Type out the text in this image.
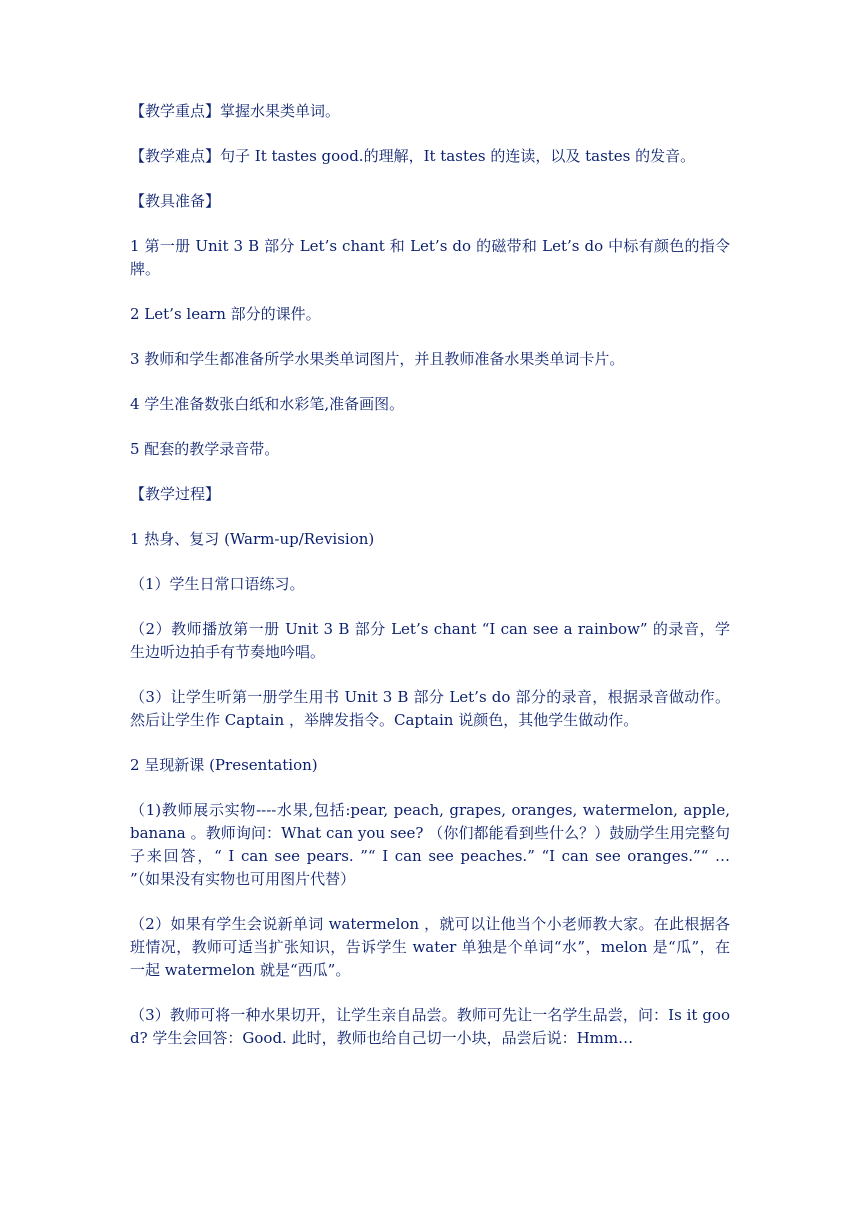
【教学重点】掌握水果类单词。

【教学难点】句子 It tastes good.的理解，It tastes 的连读，以及 tastes 的发音。

【教具准备】

1 第一册 Unit 3 B 部分 Let’s chant 和 Let’s do 的磁带和 Let’s do 中标有颜色的指令牌。

2 Let’s learn 部分的课件。

3 教师和学生都准备所学水果类单词图片，并且教师准备水果类单词卡片。

4 学生准备数张白纸和水彩笔,准备画图。

5 配套的教学录音带。

【教学过程】

1 热身、复习 (Warm-up/Revision)

（1）学生日常口语练习。

（2）教师播放第一册 Unit 3 B 部分 Let’s chant “I can see a rainbow” 的录音，学生边听边拍手有节奏地吟唱。

（3）让学生听第一册学生用书 Unit 3 B 部分 Let’s do 部分的录音，根据录音做动作。然后让学生作 Captain ，举牌发指令。Captain 说颜色，其他学生做动作。

2 呈现新课 (Presentation)

（1)教师展示实物----水果,包括:pear, peach, grapes, oranges, watermelon, apple, banana 。教师询问：What can you see? （你们都能看到些什么？）鼓励学生用完整句子来回答，“ I can see pears. ”“ I can see peaches.” “I can see oranges.”“ … ”（如果没有实物也可用图片代替）

（2）如果有学生会说新单词 watermelon ，就可以让他当个小老师教大家。在此根据各班情况，教师可适当扩张知识，告诉学生 water 单独是个单词“水”，melon 是“瓜”，在一起 watermelon 就是“西瓜”。

（3）教师可将一种水果切开，让学生亲自品尝。教师可先让一名学生品尝，问：Is it good? 学生会回答：Good. 此时，教师也给自己切一小块，品尝后说：Hmm…
